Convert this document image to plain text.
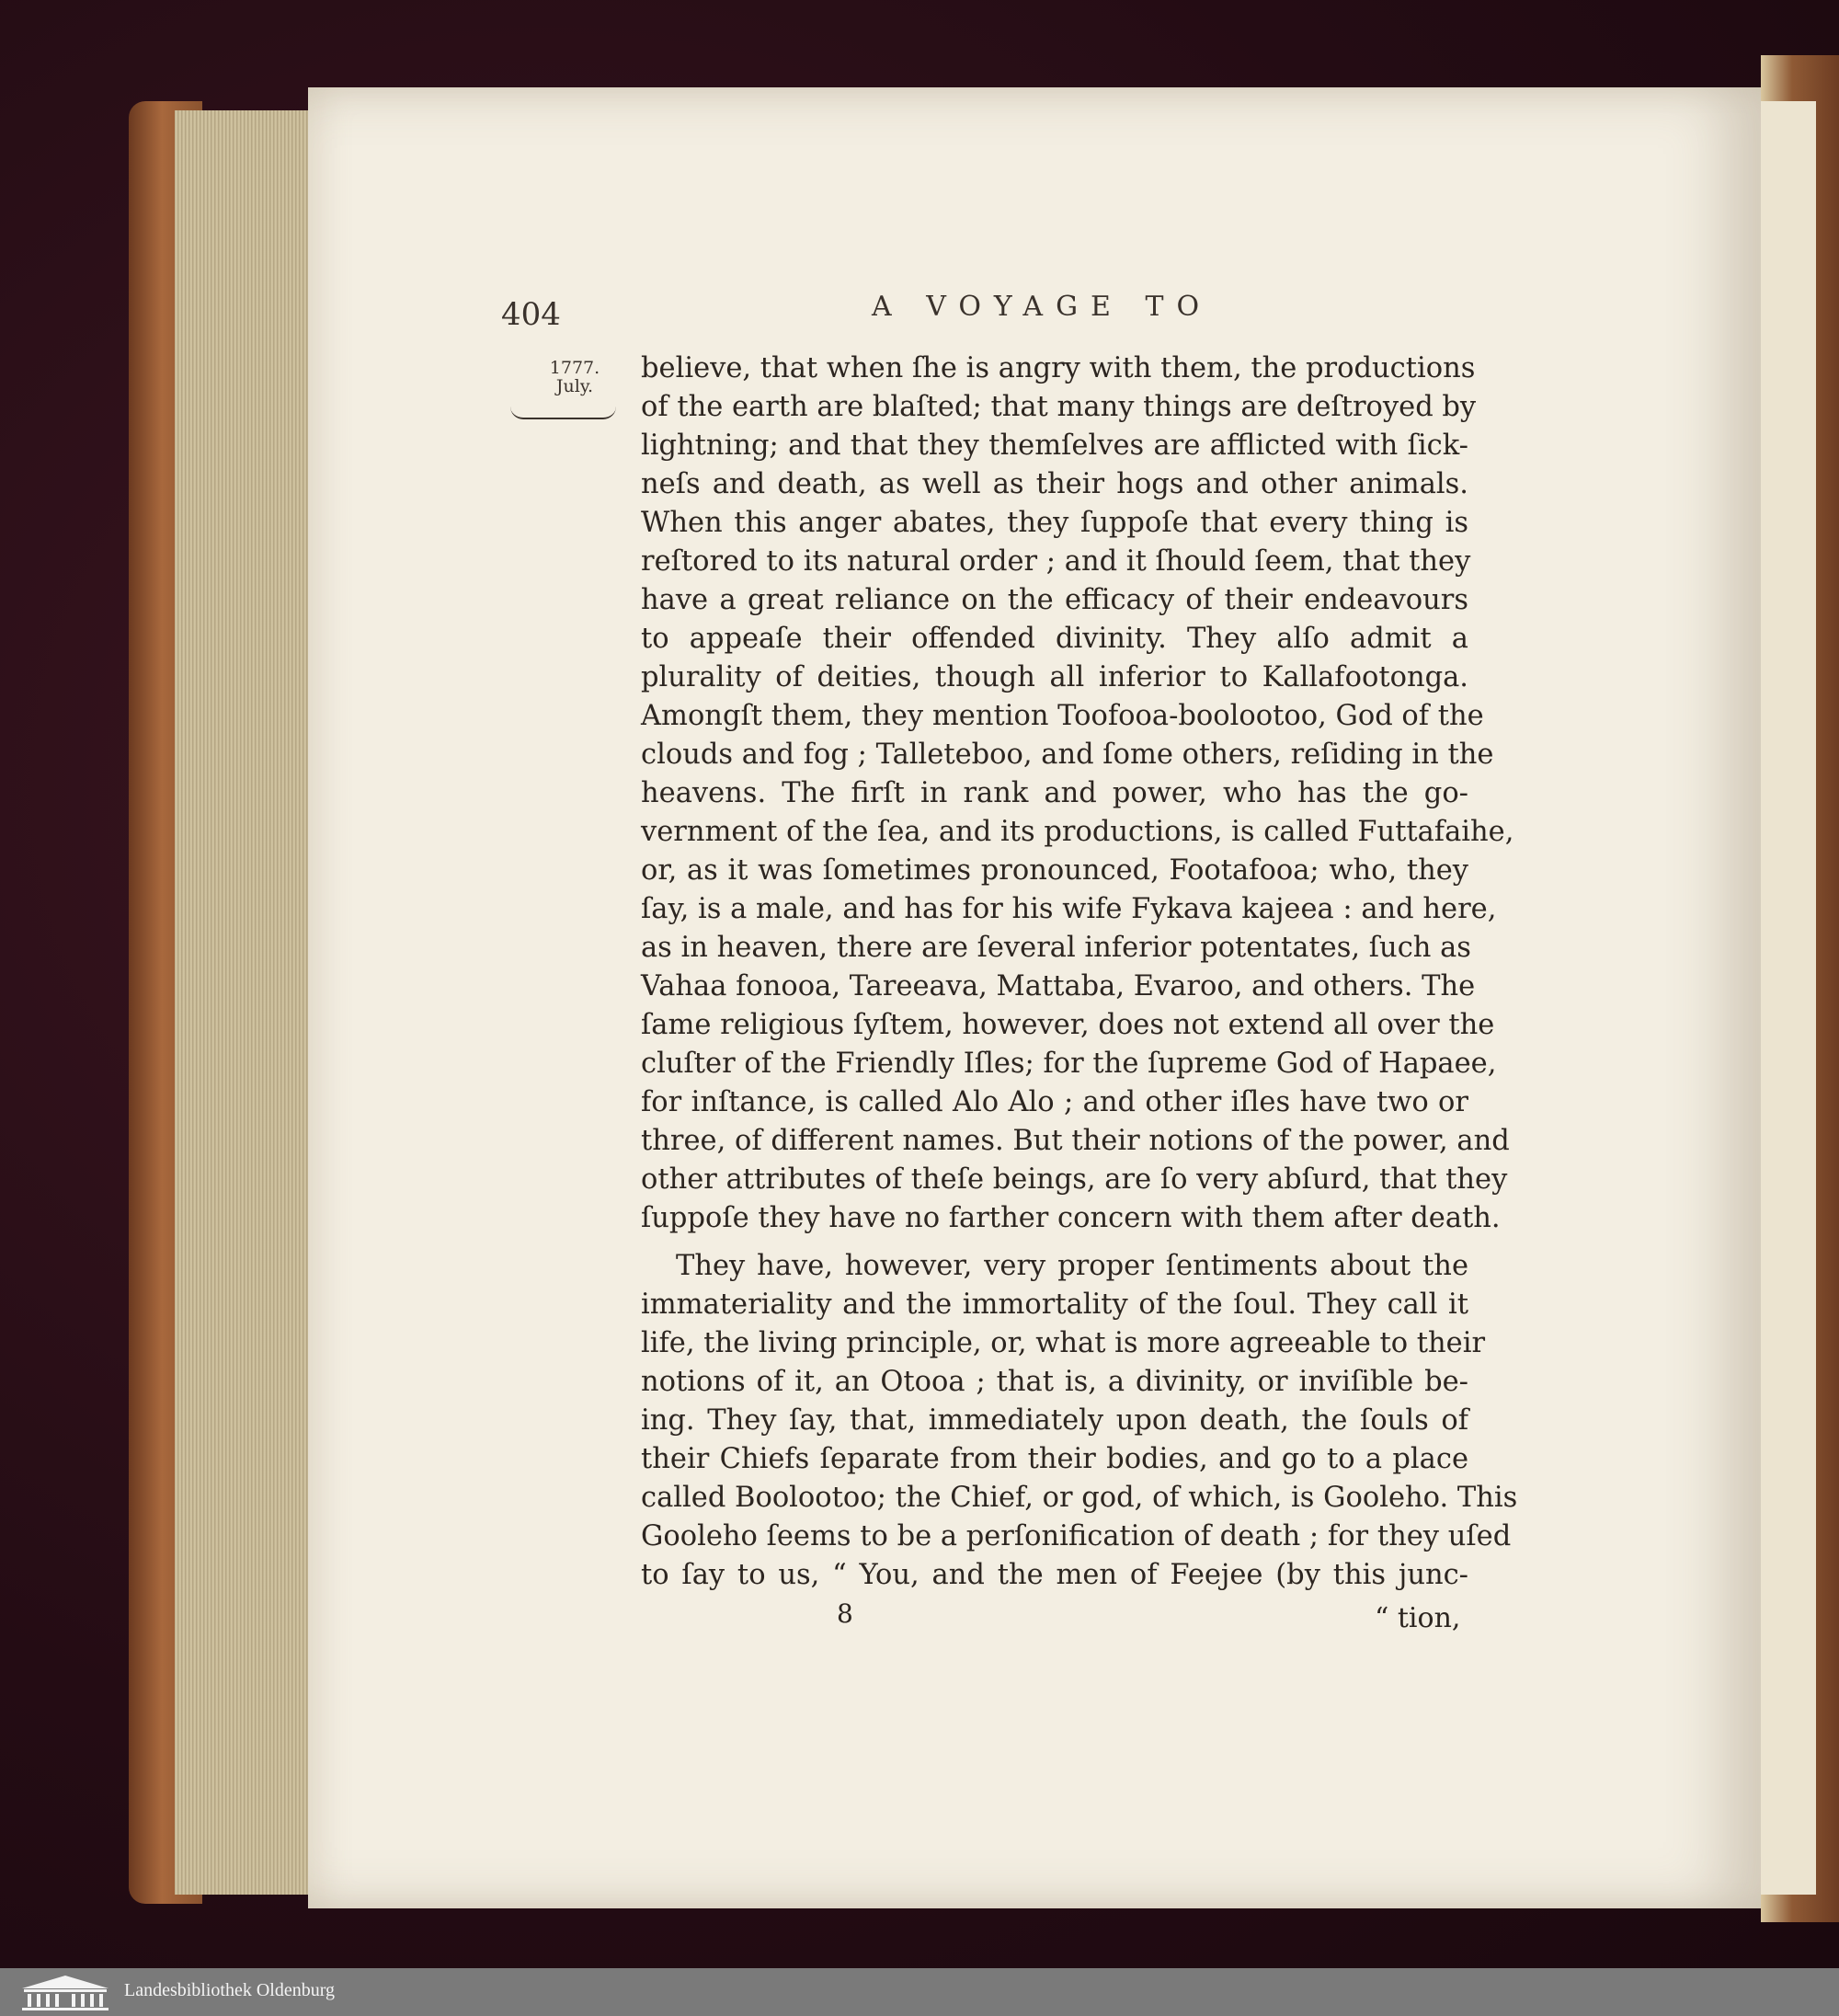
404	A VOYAGE TO
1777.
July.
believe, that when ſhe is angry with them, the productions
of the earth are blaſted; that many things are deſtroyed by
lightning; and that they themſelves are afflicted with ſick-
neſs and death, as well as their hogs and other animals.
When this anger abates, they ſuppoſe that every thing is
reſtored to its natural order ; and it ſhould ſeem, that they
have a great reliance on the efficacy of their endeavours
to appeaſe their offended divinity. They alſo admit a
plurality of deities, though all inferior to Kallafootonga.
Amongſt them, they mention Toofooa-boolootoo, God of the
clouds and fog ; Talleteboo, and ſome others, reſiding in the
heavens. The firſt in rank and power, who has the go-
vernment of the ſea, and its productions, is called Futtafaihe,
or, as it was ſometimes pronounced, Footafooa; who, they
ſay, is a male, and has for his wife Fykava kajeea : and here,
as in heaven, there are ſeveral inferior potentates, ſuch as
Vahaa fonooa, Tareeava, Mattaba, Evaroo, and others. The
ſame religious ſyſtem, however, does not extend all over the
cluſter of the Friendly Iſles; for the ſupreme God of Hapaee,
for inſtance, is called Alo Alo ; and other iſles have two or
three, of different names. But their notions of the power, and
other attributes of theſe beings, are ſo very abſurd, that they
ſuppoſe they have no farther concern with them after death.
They have, however, very proper ſentiments about the
immateriality and the immortality of the ſoul. They call it
life, the living principle, or, what is more agreeable to their
notions of it, an Otooa ; that is, a divinity, or inviſible be-
ing. They ſay, that, immediately upon death, the ſouls of
their Chiefs ſeparate from their bodies, and go to a place
called Boolootoo; the Chief, or god, of which, is Gooleho. This
Gooleho ſeems to be a perſonification of death ; for they uſed
to ſay to us, “ You, and the men of Feejee (by this junc-
8	“ tion,
Landesbibliothek Oldenburg
